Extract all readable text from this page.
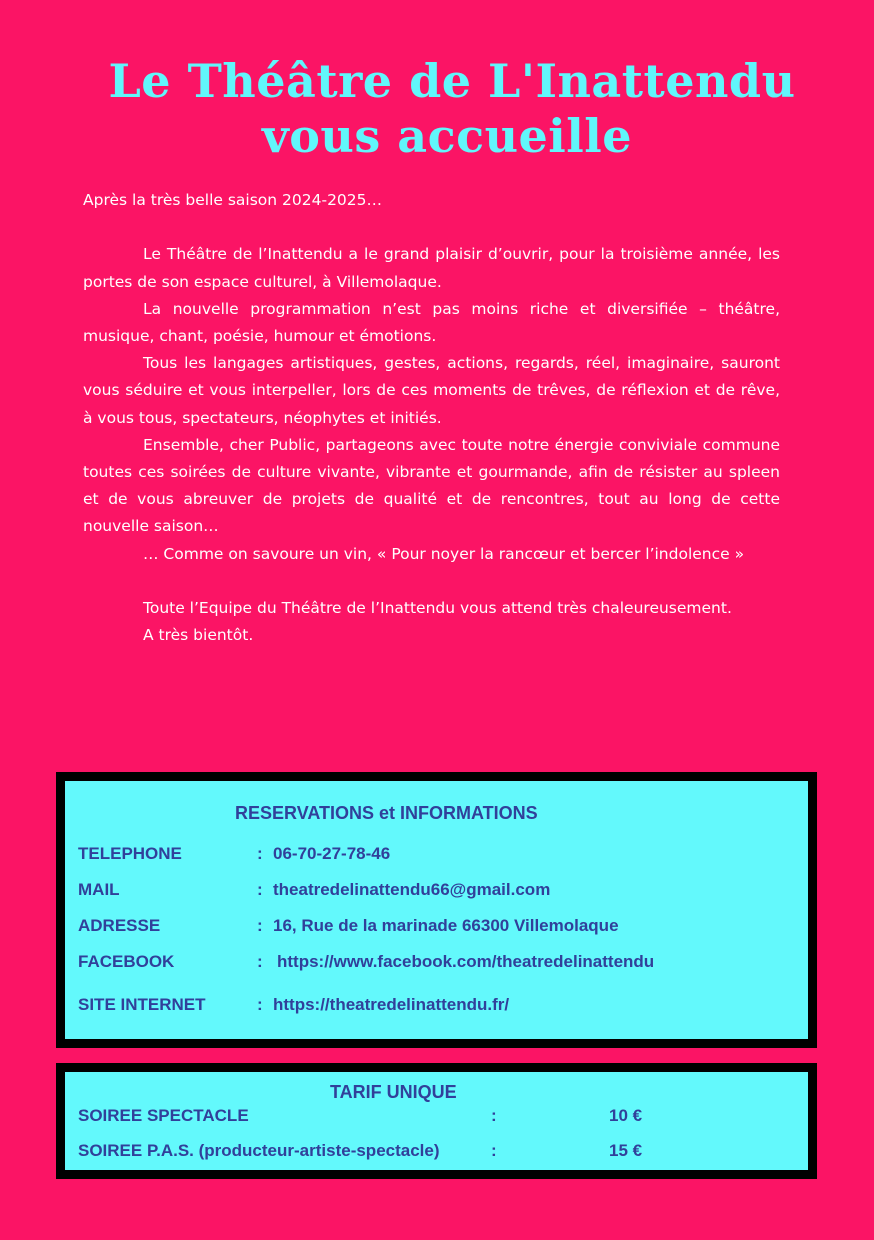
Le Théâtre de L'Inattendu
vous accueille

Après la très belle saison 2024-2025…

Le Théâtre de l’Inattendu a le grand plaisir d’ouvrir, pour la troisième année, les portes de son espace culturel, à Villemolaque.

La nouvelle programmation n’est pas moins riche et diversifiée – théâtre, musique, chant, poésie, humour et émotions.

Tous les langages artistiques, gestes, actions, regards, réel, imaginaire, sauront vous séduire et vous interpeller, lors de ces moments de trêves, de réflexion et de rêve, à vous tous, spectateurs, néophytes et initiés.

Ensemble, cher Public, partageons avec toute notre énergie conviviale commune toutes ces soirées de culture vivante, vibrante et gourmande, afin de résister au spleen et de vous abreuver de projets de qualité et de rencontres, tout au long de cette nouvelle saison…

… Comme on savoure un vin, « Pour noyer la rancœur et bercer l’indolence »

Toute l’Equipe du Théâtre de l’Inattendu vous attend très chaleureusement.

A très bientôt.

RESERVATIONS et INFORMATIONS
TELEPHONE	: 06-70-27-78-46
MAIL	: theatredelinattendu66@gmail.com
ADRESSE	: 16, Rue de la marinade 66300 Villemolaque
FACEBOOK	: https://www.facebook.com/theatredelinattendu
SITE INTERNET	: https://theatredelinattendu.fr/
TARIF UNIQUE
SOIREE SPECTACLE	:	10 €
SOIREE P.A.S. (producteur-artiste-spectacle)	:	15 €
